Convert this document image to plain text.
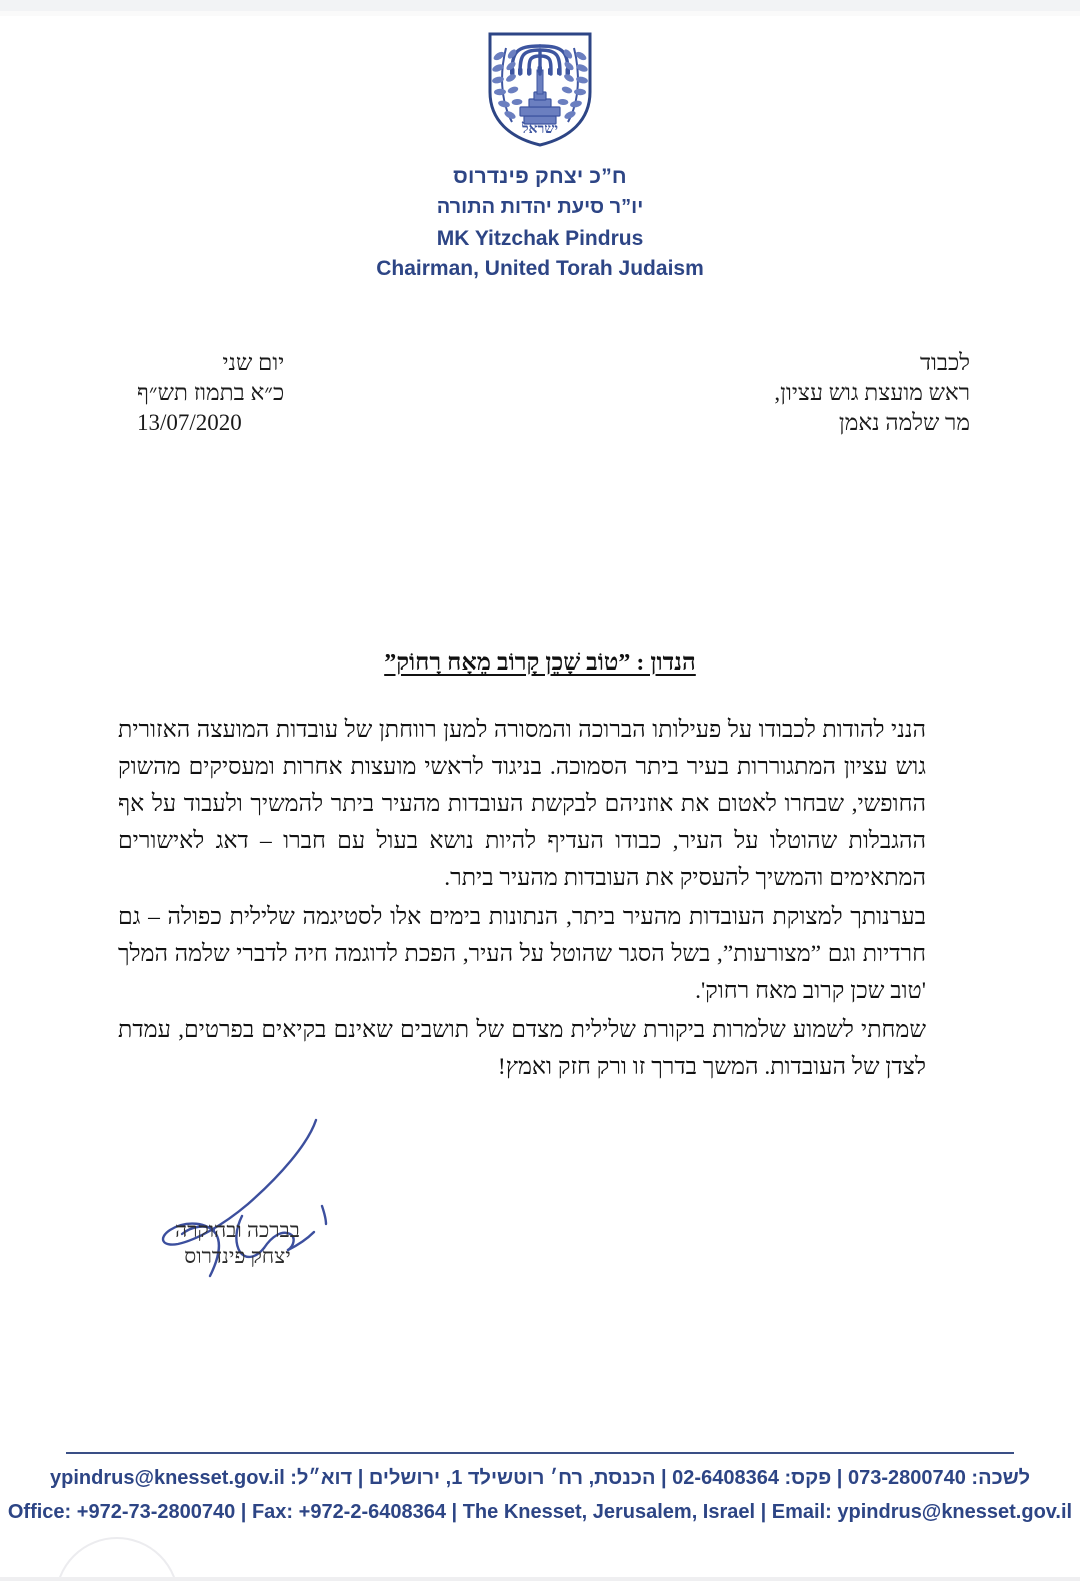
ישראל
ח”כ יצחק פינדרוס
יו”ר סיעת יהדות התורה
MK Yitzchak Pindrus
Chairman, United Torah Judaism
לכבוד
ראש מועצת גוש עציון,
מר שלמה נאמן
יום שני
כ״א בתמוז תש״ף
13/07/2020
הנדון : ”טוֹב שָׁכֵן קָרוֹב מֵאָח רָחוֹק”

הנני להודות לכבודו על פעילותו הברוכה והמסורה למען רווחתן של עובדות המועצה האזורית גוש עציון המתגוררות בעיר ביתר הסמוכה. בניגוד לראשי מועצות אחרות ומעסיקים מהשוק החופשי, שבחרו לאטום את אוזניהם לבקשת העובדות מהעיר ביתר להמשיך ולעבוד על אף ההגבלות שהוטלו על העיר, כבודו העדיף להיות נושא בעול עם חברו – דאג לאישורים המתאימים והמשיך להעסיק את העובדות מהעיר ביתר.

בערנותך למצוקת העובדות מהעיר ביתר, הנתונות בימים אלו לסטיגמה שלילית כפולה – גם חרדיות וגם ”מצורעות”, בשל הסגר שהוטל על העיר, הפכת לדוגמה חיה לדברי שלמה המלך 'טוב שכן קרוב מאח רחוק'.

שמחתי לשמוע שלמרות ביקורת שלילית מצדם של תושבים שאינם בקיאים בפרטים, עמדת לצדן של העובדות. המשך בדרך זו ורק חזק ואמץ!

בברכה ובהוקרה
יצחק פינדרוס
לשכה: 073-2800740 | פקס: 02-6408364 | הכנסת, רח׳ רוטשילד 1, ירושלים | דוא״ל: ypindrus@knesset.gov.il
Office: +972-73-2800740 | Fax: +972-2-6408364 | The Knesset, Jerusalem, Israel | Email: ypindrus@knesset.gov.il
